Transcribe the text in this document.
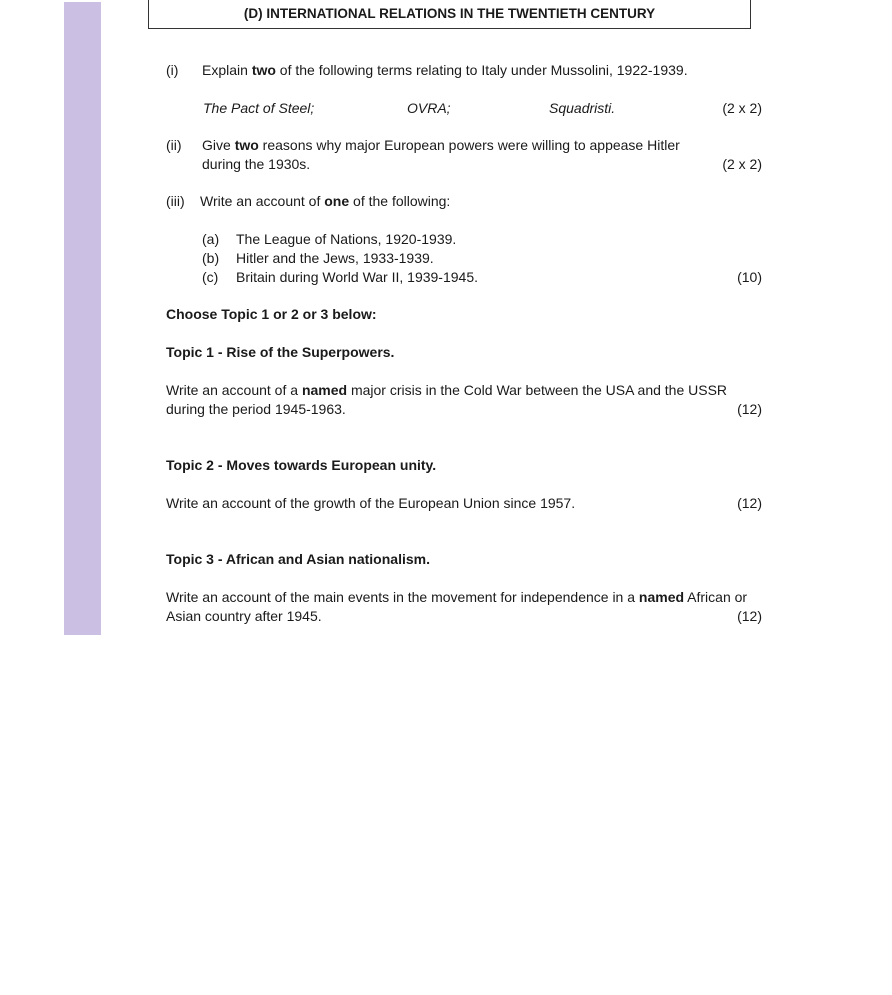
(D) INTERNATIONAL RELATIONS IN THE TWENTIETH CENTURY
(i) Explain two of the following terms relating to Italy under Mussolini, 1922-1939.
The Pact of Steel;	OVRA;	Squadristi.	(2 x 2)
(ii) Give two reasons why major European powers were willing to appease Hitler
during the 1930s.	(2 x 2)
(iii) Write an account of one of the following:
(a) The League of Nations, 1920-1939.
(b) Hitler and the Jews, 1933-1939.
(c) Britain during World War II, 1939-1945.	(10)
Choose Topic 1 or 2 or 3 below:
Topic 1 - Rise of the Superpowers.
Write an account of a named major crisis in the Cold War between the USA and the USSR
during the period 1945-1963.	(12)
Topic 2 - Moves towards European unity.
Write an account of the growth of the European Union since 1957.	(12)
Topic 3 - African and Asian nationalism.
Write an account of the main events in the movement for independence in a named African or
Asian country after 1945.	(12)
